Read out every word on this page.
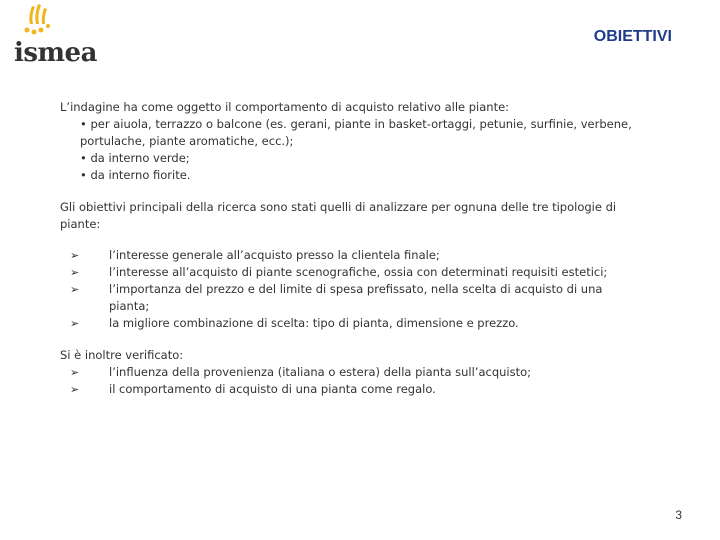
ismea
OBIETTIVI

L’indagine ha come oggetto il comportamento di acquisto relativo alle piante:

• per aiuola, terrazzo o balcone (es. gerani, piante in basket-ortaggi, petunie, surfinie, verbene, portulache, piante aromatiche, ecc.);
• da interno verde;
• da interno fiorite.

Gli obiettivi principali della ricerca sono stati quelli di analizzare per ognuna delle tre tipologie di piante:

➢	l’interesse generale all’acquisto presso la clientela finale;
➢	l’interesse all’acquisto di piante scenografiche, ossia con determinati requisiti estetici;
➢	l’importanza del prezzo e del limite di spesa prefissato, nella scelta di acquisto di una pianta;
➢	la migliore combinazione di scelta: tipo di pianta, dimensione e prezzo.

Si è inoltre verificato:

➢	l’influenza della provenienza (italiana o estera) della pianta sull’acquisto;
➢	il comportamento di acquisto di una pianta come regalo.
3
